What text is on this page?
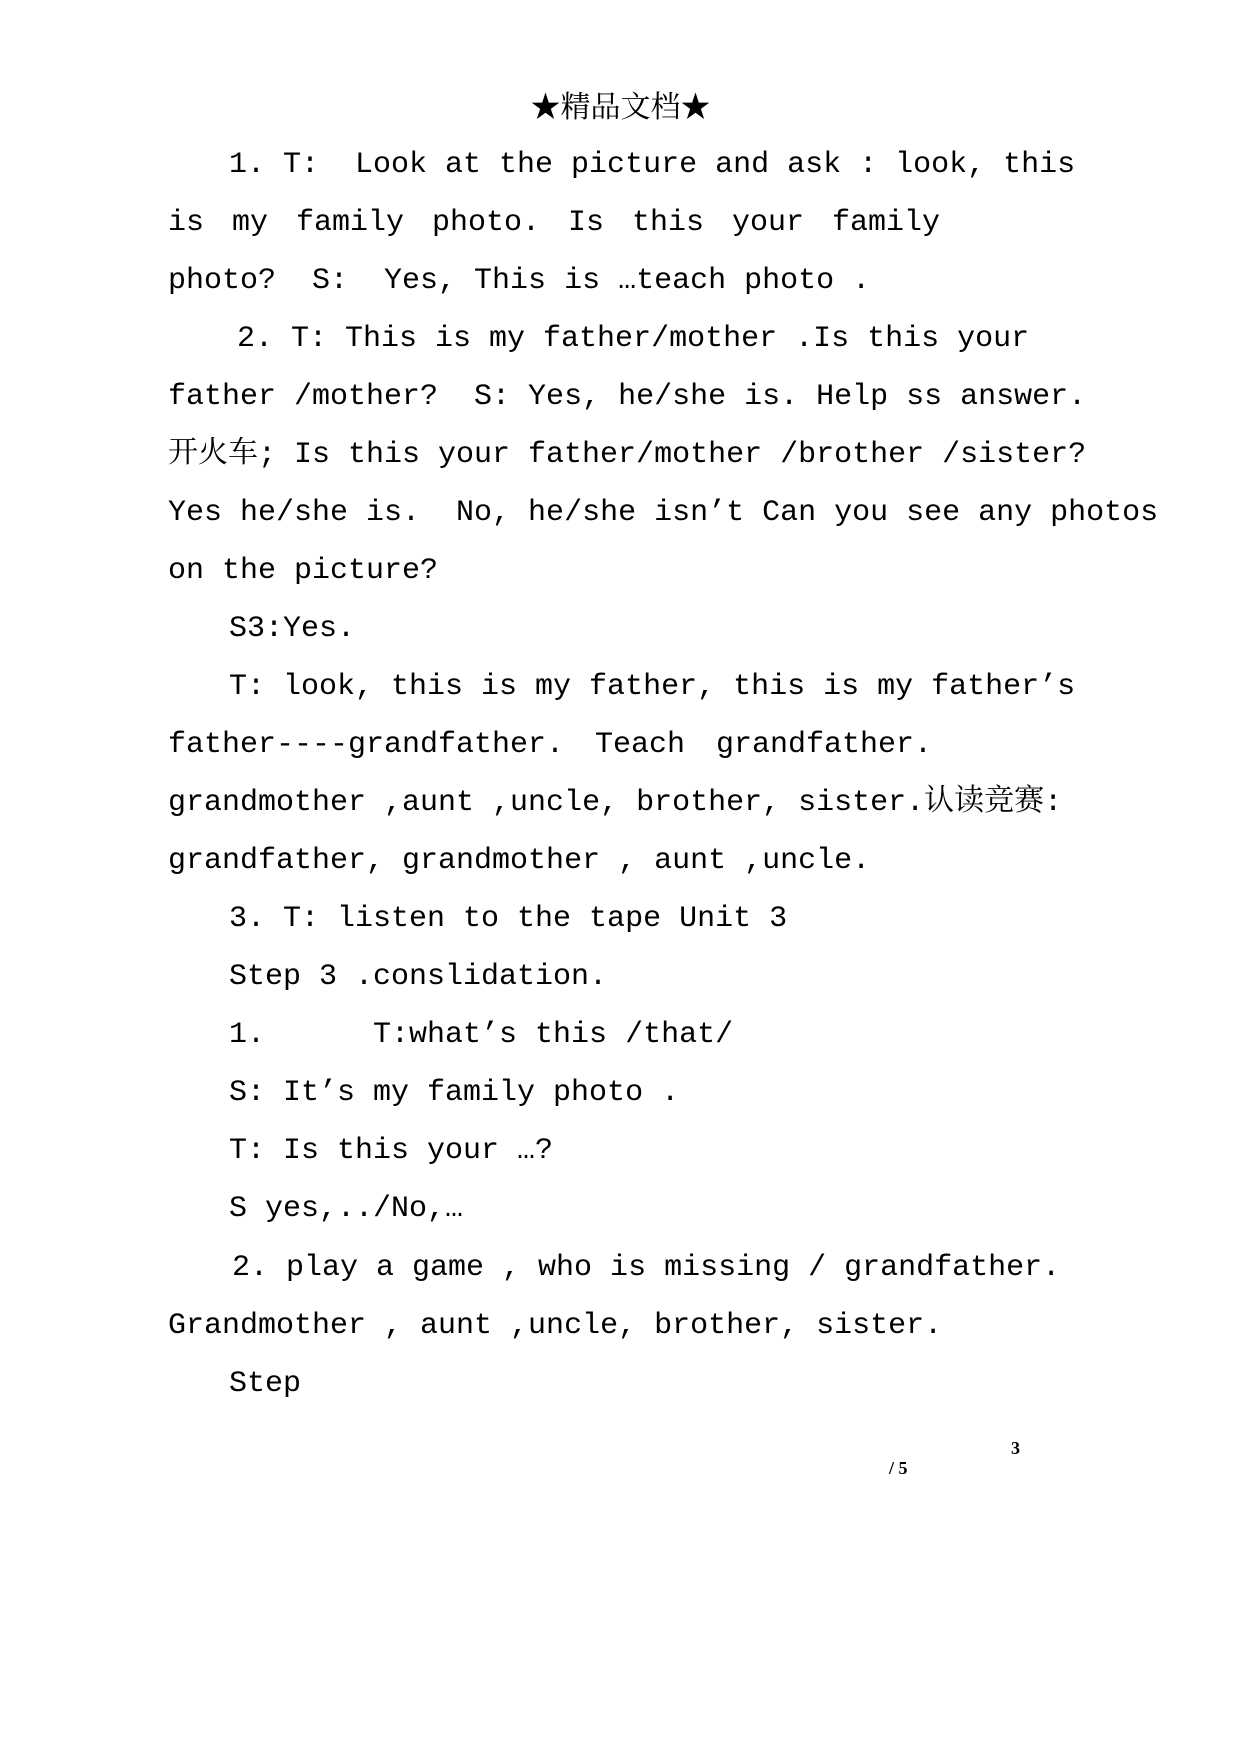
★精品文档★
1. T:  Look at the picture and ask : look, this
is my family photo. Is this your family
photo?  S:  Yes, This is …teach photo .
2. T: This is my father/mother .Is this your
father /mother?  S: Yes, he/she is. Help ss answer.
开火车; Is this your father/mother /brother /sister?
Yes he/she is.  No, he/she isn’t Can you see any photos
on the picture?
S3:Yes.
T: look, this is my father, this is my father’s
father----grandfather. Teach grandfather.
grandmother ,aunt ,uncle, brother, sister.认读竞赛:
grandfather, grandmother , aunt ,uncle.
3. T: listen to the tape Unit 3
Step 3 .conslidation.
1.      T:what’s this /that/
S: It’s my family photo .
T: Is this your …?
S yes,../No,…
2. play a game , who is missing / grandfather.
Grandmother , aunt ,uncle, brother, sister.
Step
3
/ 5
